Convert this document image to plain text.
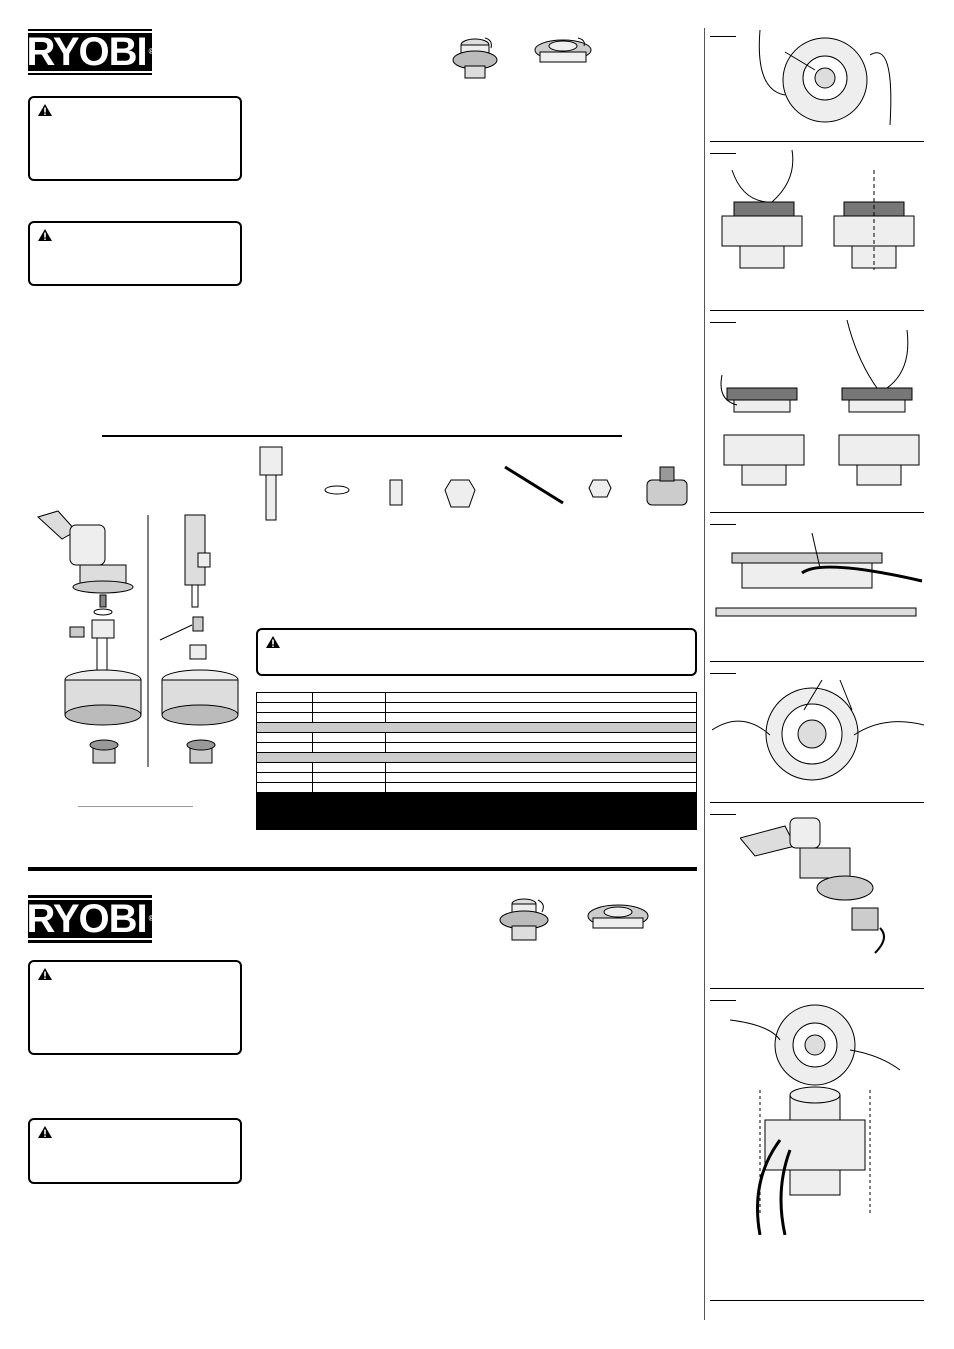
RYOBI ®

RYOBI ®
